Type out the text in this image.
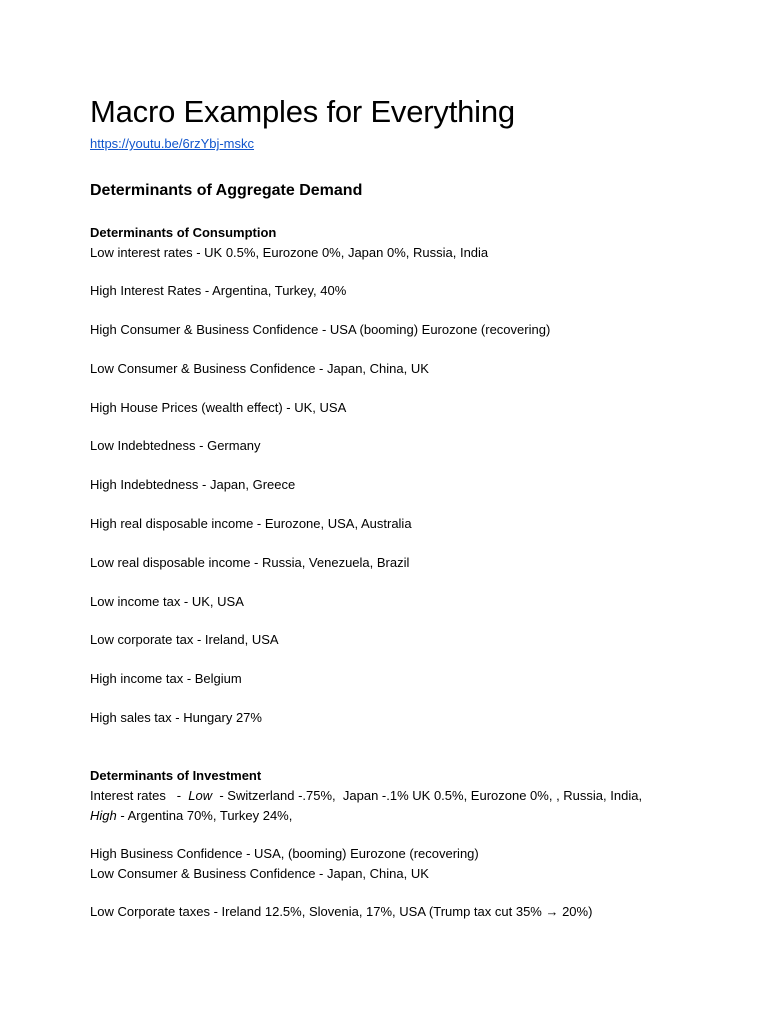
Macro Examples for Everything
https://youtu.be/6rzYbj-mskc
Determinants of Aggregate Demand
Determinants of Consumption
Low interest rates - UK 0.5%, Eurozone 0%, Japan 0%, Russia, India
High Interest Rates - Argentina, Turkey, 40%
High Consumer & Business Confidence - USA (booming) Eurozone (recovering)
Low Consumer & Business Confidence - Japan, China, UK
High House Prices (wealth effect) - UK, USA
Low Indebtedness - Germany
High Indebtedness - Japan, Greece
High real disposable income - Eurozone, USA, Australia
Low real disposable income - Russia, Venezuela, Brazil
Low income tax - UK, USA
Low corporate tax - Ireland, USA
High income tax - Belgium
High sales tax - Hungary 27%
Determinants of Investment
Interest rates   -  Low  - Switzerland -.75%,  Japan -.1% UK 0.5%, Eurozone 0%, , Russia, India,
High - Argentina 70%, Turkey 24%,
High Business Confidence - USA, (booming) Eurozone (recovering)
Low Consumer & Business Confidence - Japan, China, UK
Low Corporate taxes - Ireland 12.5%, Slovenia, 17%, USA (Trump tax cut 35% → 20%)
